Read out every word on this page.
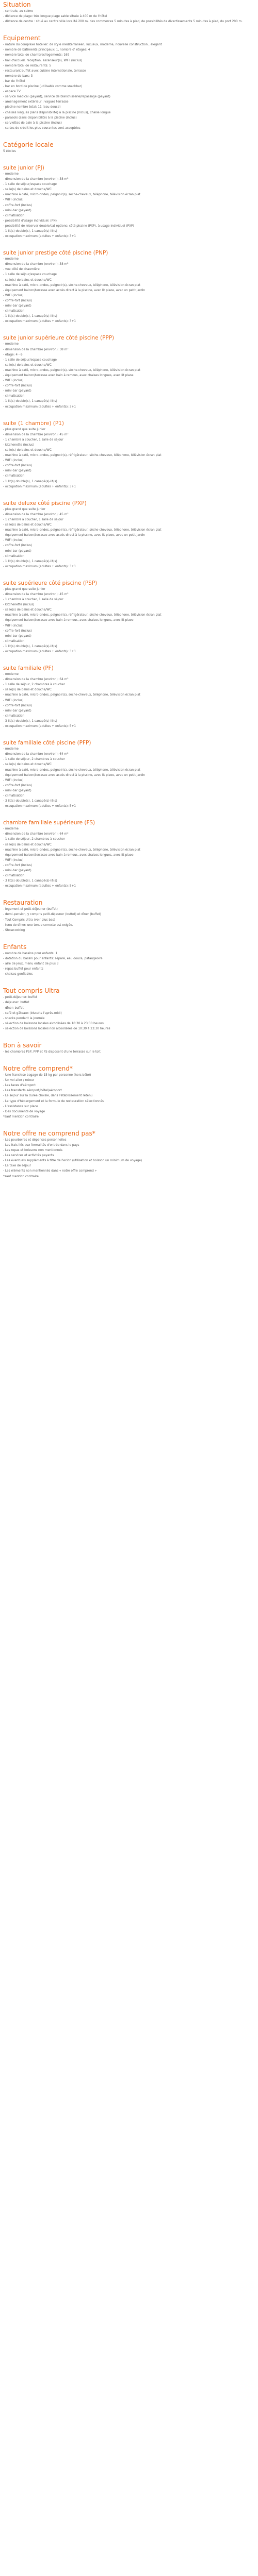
Situation
- centrale, au calme
- distance de plage: très longue plage sable située à 400 m de l'hôtel
- distance de centre : situé au centre ville localité 200 m, des commerces 5 minutes à pied, de possibilités de divertissements 5 minutes à pied, du port 200 m.
Equipement
- nature du complexe hôtelier: de style méditerranéen, luxueux, moderne, nouvelle construction , élégant
- nombre de bâtiments principaux: 1, nombre d' étages: 4
- nombre total de chambres/logements: 169
- hall d'accueil, réception, ascenseur(s), WIFI (inclus)
- nombre total de restaurants: 5
- restaurant buffet avec cuisine internationale, terrasse
- nombre de bars: 3
- bar de l'hôtel
- bar en bord de piscine (utilisable comme snackbar)
- espace TV
- service médical (payant), service de blanchisserie/repassage (payant)
- aménagement extérieur : vagues terrasse
- piscine nombre total: 11 (eau douce)
- chaises longues (sans disponibilité) à la piscine (inclus), chaise longue
- parasols (sans disponibilité) à la piscine (inclus)
- serviettes de bain à la piscine (inclus)
- cartes de crédit les plus courantes sont acceptées
Catégorie locale

5 étoiles

suite junior (PJ)
- moderne
- dimension de la chambre (environ): 38 m²
- 1 salle de séjour/espace couchage
- salle(s) de bains et douche/WC
- machine à café, micro-ondes, peignoir(s), sèche-cheveux, téléphone, télévision écran plat
- WIFI (inclus)
- coffre-fort (inclus)
- mini-bar (payant)
- climatisation
- possibilité d'usage individuel: (PN)
- possibilité de réserver double/cat options: côté piscine (PXP), à usage individuel (PXP)
- 1 lit(s) double(s), 1 canapé(s)-lit(s)
- occupation maximum (adultes + enfants): 3+1
suite junior prestige côté piscine (PNP)
- moderne
- dimension de la chambre (environ): 38 m²
- vue côté de chaumière
- 1 salle de séjour/espace couchage
- salle(s) de bains et douche/WC
- machine à café, micro-ondes, peignoir(s), sèche-cheveux, téléphone, télévision écran plat
- équipement balcon/terrasse avec accès direct à la piscine, avec lit plaoe, avec un petit jardin
- WIFI (inclus)
- coffre-fort (inclus)
- mini-bar (payant)
- climatisation
- 1 lit(s) double(s), 1 canapé(s)-lit(s)
- occupation maximum (adultes + enfants): 3+1
suite junior supérieure côté piscine (PPP)
- moderne
- dimension de la chambre (environ): 38 m²
- étage: 4 - 6
- 1 salle de séjour/espace couchage
- salle(s) de bains et douche/WC
- machine à café, micro-ondes, peignoir(s), sèche-cheveux, téléphone, télévision écran plat
- équipement balcon/terrasse avec bain à remous, avec chaises longues, avec lit plaoe
- WIFI (inclus)
- coffre-fort (inclus)
- mini-bar (payant)
- climatisation
- 1 lit(s) double(s), 1 canapé(s)-lit(s)
- occupation maximum (adultes + enfants): 3+1
suite (1 chambre) (P1)
- plus grand que suite junior
- dimension de la chambre (environ): 45 m²
- 1 chambre à coucher, 1 salle de séjour
- kitchenette (inclus)
- salle(s) de bains et douche/WC
- machine à café, micro-ondes, peignoir(s), réfrigérateur, sèche-cheveux, téléphone, télévision écran plat
- WIFI (inclus)
- coffre-fort (inclus)
- mini-bar (payant)
- climatisation
- 1 lit(s) double(s), 1 canapé(s)-lit(s)
- occupation maximum (adultes + enfants): 3+1
suite deluxe côté piscine (PXP)
- plus grand que suite junior
- dimension de la chambre (environ): 45 m²
- 1 chambre à coucher, 1 salle de séjour
- salle(s) de bains et douche/WC
- machine à café, micro-ondes, peignoir(s), réfrigérateur, sèche-cheveux, téléphone, télévision écran plat
- équipement balcon/terrasse avec accès direct à la piscine, avec lit plaoe, avec un petit jardin
- WIFI (inclus)
- coffre-fort (inclus)
- mini-bar (payant)
- climatisation
- 1 lit(s) double(s), 1 canapé(s)-lit(s)
- occupation maximum (adultes + enfants): 3+1
suite supérieure côté piscine (PSP)
- plus grand que suite junior
- dimension de la chambre (environ): 45 m²
- 1 chambre à coucher, 1 salle de séjour
- kitchenette (inclus)
- salle(s) de bains et douche/WC
- machine à café, micro-ondes, peignoir(s), réfrigérateur, sèche-cheveux, téléphone, télévision écran plat
- équipement balcon/terrasse avec bain à remous, avec chaises longues, avec lit plaoe
- WIFI (inclus)
- coffre-fort (inclus)
- mini-bar (payant)
- climatisation
- 1 lit(s) double(s), 1 canapé(s)-lit(s)
- occupation maximum (adultes + enfants): 3+1
suite familiale (PF)
- moderne
- dimension de la chambre (environ): 64 m²
- 1 salle de séjour, 2 chambres à coucher
- salle(s) de bains et douche/WC
- machine à café, micro-ondes, peignoir(s), sèche-cheveux, téléphone, télévision écran plat
- WIFI (inclus)
- coffre-fort (inclus)
- mini-bar (payant)
- climatisation
- 3 lit(s) double(s), 1 canapé(s)-lit(s)
- occupation maximum (adultes + enfants): 5+1
suite familiale côté piscine (PFP)
- moderne
- dimension de la chambre (environ): 64 m²
- 1 salle de séjour, 2 chambres à coucher
- salle(s) de bains et douche/WC
- machine à café, micro-ondes, peignoir(s), sèche-cheveux, téléphone, télévision écran plat
- équipement balcon/terrasse avec accès direct à la piscine, avec lit plaoe, avec un petit jardin
- WIFI (inclus)
- coffre-fort (inclus)
- mini-bar (payant)
- climatisation
- 3 lit(s) double(s), 1 canapé(s)-lit(s)
- occupation maximum (adultes + enfants): 5+1
chambre familiale supérieure (FS)
- moderne
- dimension de la chambre (environ): 64 m²
- 1 salle de séjour, 2 chambres à coucher
- salle(s) de bains et douche/WC
- machine à café, micro-ondes, peignoir(s), sèche-cheveux, téléphone, télévision écran plat
- équipement balcon/terrasse avec bain à remous, avec chaises longues, avec lit plaoe
- WIFI (inclus)
- coffre-fort (inclus)
- mini-bar (payant)
- climatisation
- 3 lit(s) double(s), 1 canapé(s)-lit(s)
- occupation maximum (adultes + enfants): 5+1
Restauration
- logement et petit-déjeuner (buffet)
- demi-pension, y compris petit-déjeuner (buffet) et dîner (buffet)
- Tout Compris Ultra (voir plus bas)
- tenu de dîner: une tenue correcte est exigée.
- Showcooking
Enfants
- nombre de bassins pour enfants: 1
- dotation du bassin pour enfants: séparé, eau douce, pataugeoire
- aire de jeux, menu enfant de plus 3
- repas buffet pour enfants
- chaises gonflables
Tout compris Ultra
- petit-déjeuner: buffet
- déjeuner: buffet
- dîner: buffet
- café et gâteaux (biscuits l'après-midi)
- snacks pendant la journée
- sélection de boissons locales alcoolisées de 10:30 à 23:30 heures
- sélection de boissons locales non alcoolisées de 10:30 à 23:30 heures
Bon à savoir
- les chambres PSP, PPP et FS disposent d'une terrasse sur le toit.
Notre offre comprend*
- Une franchise bagage de 15 kg par personne (hors bébé)
- Un vol aller / retour
- Les taxes d'aéroport
- Les transferts aéroport/hôtel/aéroport
- Le séjour sur la durée choisie, dans l'établissement retenu
- Le type d'hébergement et la formule de restauration sélectionnés
- L'assistance sur place
- Des documents de voyage
*sauf mention contraire
Notre offre ne comprend pas*
- Les pourboires et dépenses personnelles
- Les frais liés aux formalités d'entrée dans le pays
- Les repas et boissons non mentionnés
- Les services et activités payants
- Les éventuels suppléments à titre de l'ecion (utilisation et boisson un minimum de voyage)
- La taxe de séjour
- Les éléments non mentionnés dans « notre offre comprend »
*sauf mention contraire
